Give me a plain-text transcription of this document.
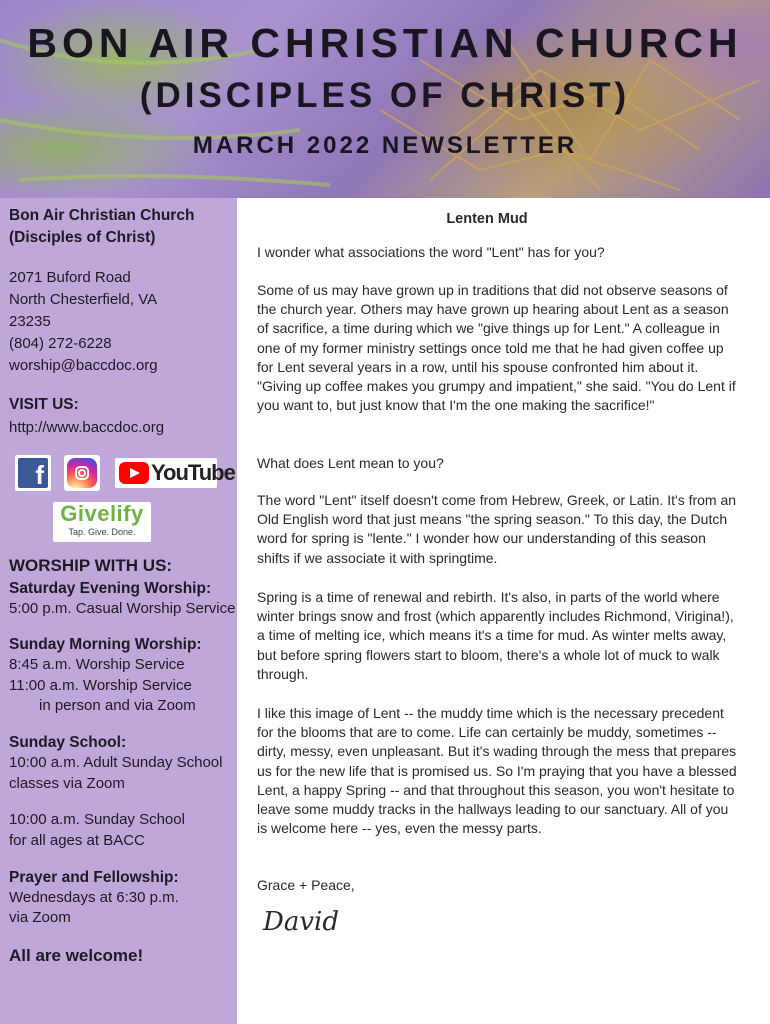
BON AIR CHRISTIAN CHURCH
(DISCIPLES OF CHRIST)
MARCH 2022 NEWSLETTER
Bon Air Christian Church
(Disciples of Christ)
2071 Buford Road
North Chesterfield, VA
23235
(804) 272-6228
worship@baccdoc.org
VISIT US:
http://www.baccdoc.org
f	YouTube
Givelify
Tap. Give. Done.
WORSHIP WITH US:
Saturday Evening Worship:
5:00 p.m. Casual Worship Service
Sunday Morning Worship:
8:45 a.m. Worship Service
11:00 a.m. Worship Service
in person and via Zoom
Sunday School:
10:00 a.m. Adult Sunday School
classes via Zoom
10:00 a.m. Sunday School
for all ages at BACC
Prayer and Fellowship:
Wednesdays at 6:30 p.m.
via Zoom
All are welcome!
Lenten Mud

I wonder what associations the word "Lent" has for you?

Some of us may have grown up in traditions that did not observe seasons of the church year. Others may have grown up hearing about Lent as a season of sacrifice, a time during which we "give things up for Lent." A colleague in one of my former ministry settings once told me that he had given coffee up for Lent several years in a row, until his spouse confronted him about it. "Giving up coffee makes you grumpy and impatient," she said. "You do Lent if you want to, but just know that I'm the one making the sacrifice!"

What does Lent mean to you?

The word "Lent" itself doesn't come from Hebrew, Greek, or Latin. It's from an Old English word that just means "the spring season." To this day, the Dutch word for spring is "lente." I wonder how our understanding of this season shifts if we associate it with springtime.

Spring is a time of renewal and rebirth. It's also, in parts of the world where winter brings snow and frost (which apparently includes Richmond, Virigina!), a time of melting ice, which means it's a time for mud. As winter melts away, but before spring flowers start to bloom, there's a whole lot of muck to walk through.

I like this image of Lent -- the muddy time which is the necessary precedent for the blooms that are to come. Life can certainly be muddy, sometimes -- dirty, messy, even unpleasant. But it's wading through the mess that prepares us for the new life that is promised us. So I'm praying that you have a blessed Lent, a happy Spring -- and that throughout this season, you won't hesitate to leave some muddy tracks in the hallways leading to our sanctuary. All of you is welcome here -- yes, even the messy parts.

Grace + Peace,

David
